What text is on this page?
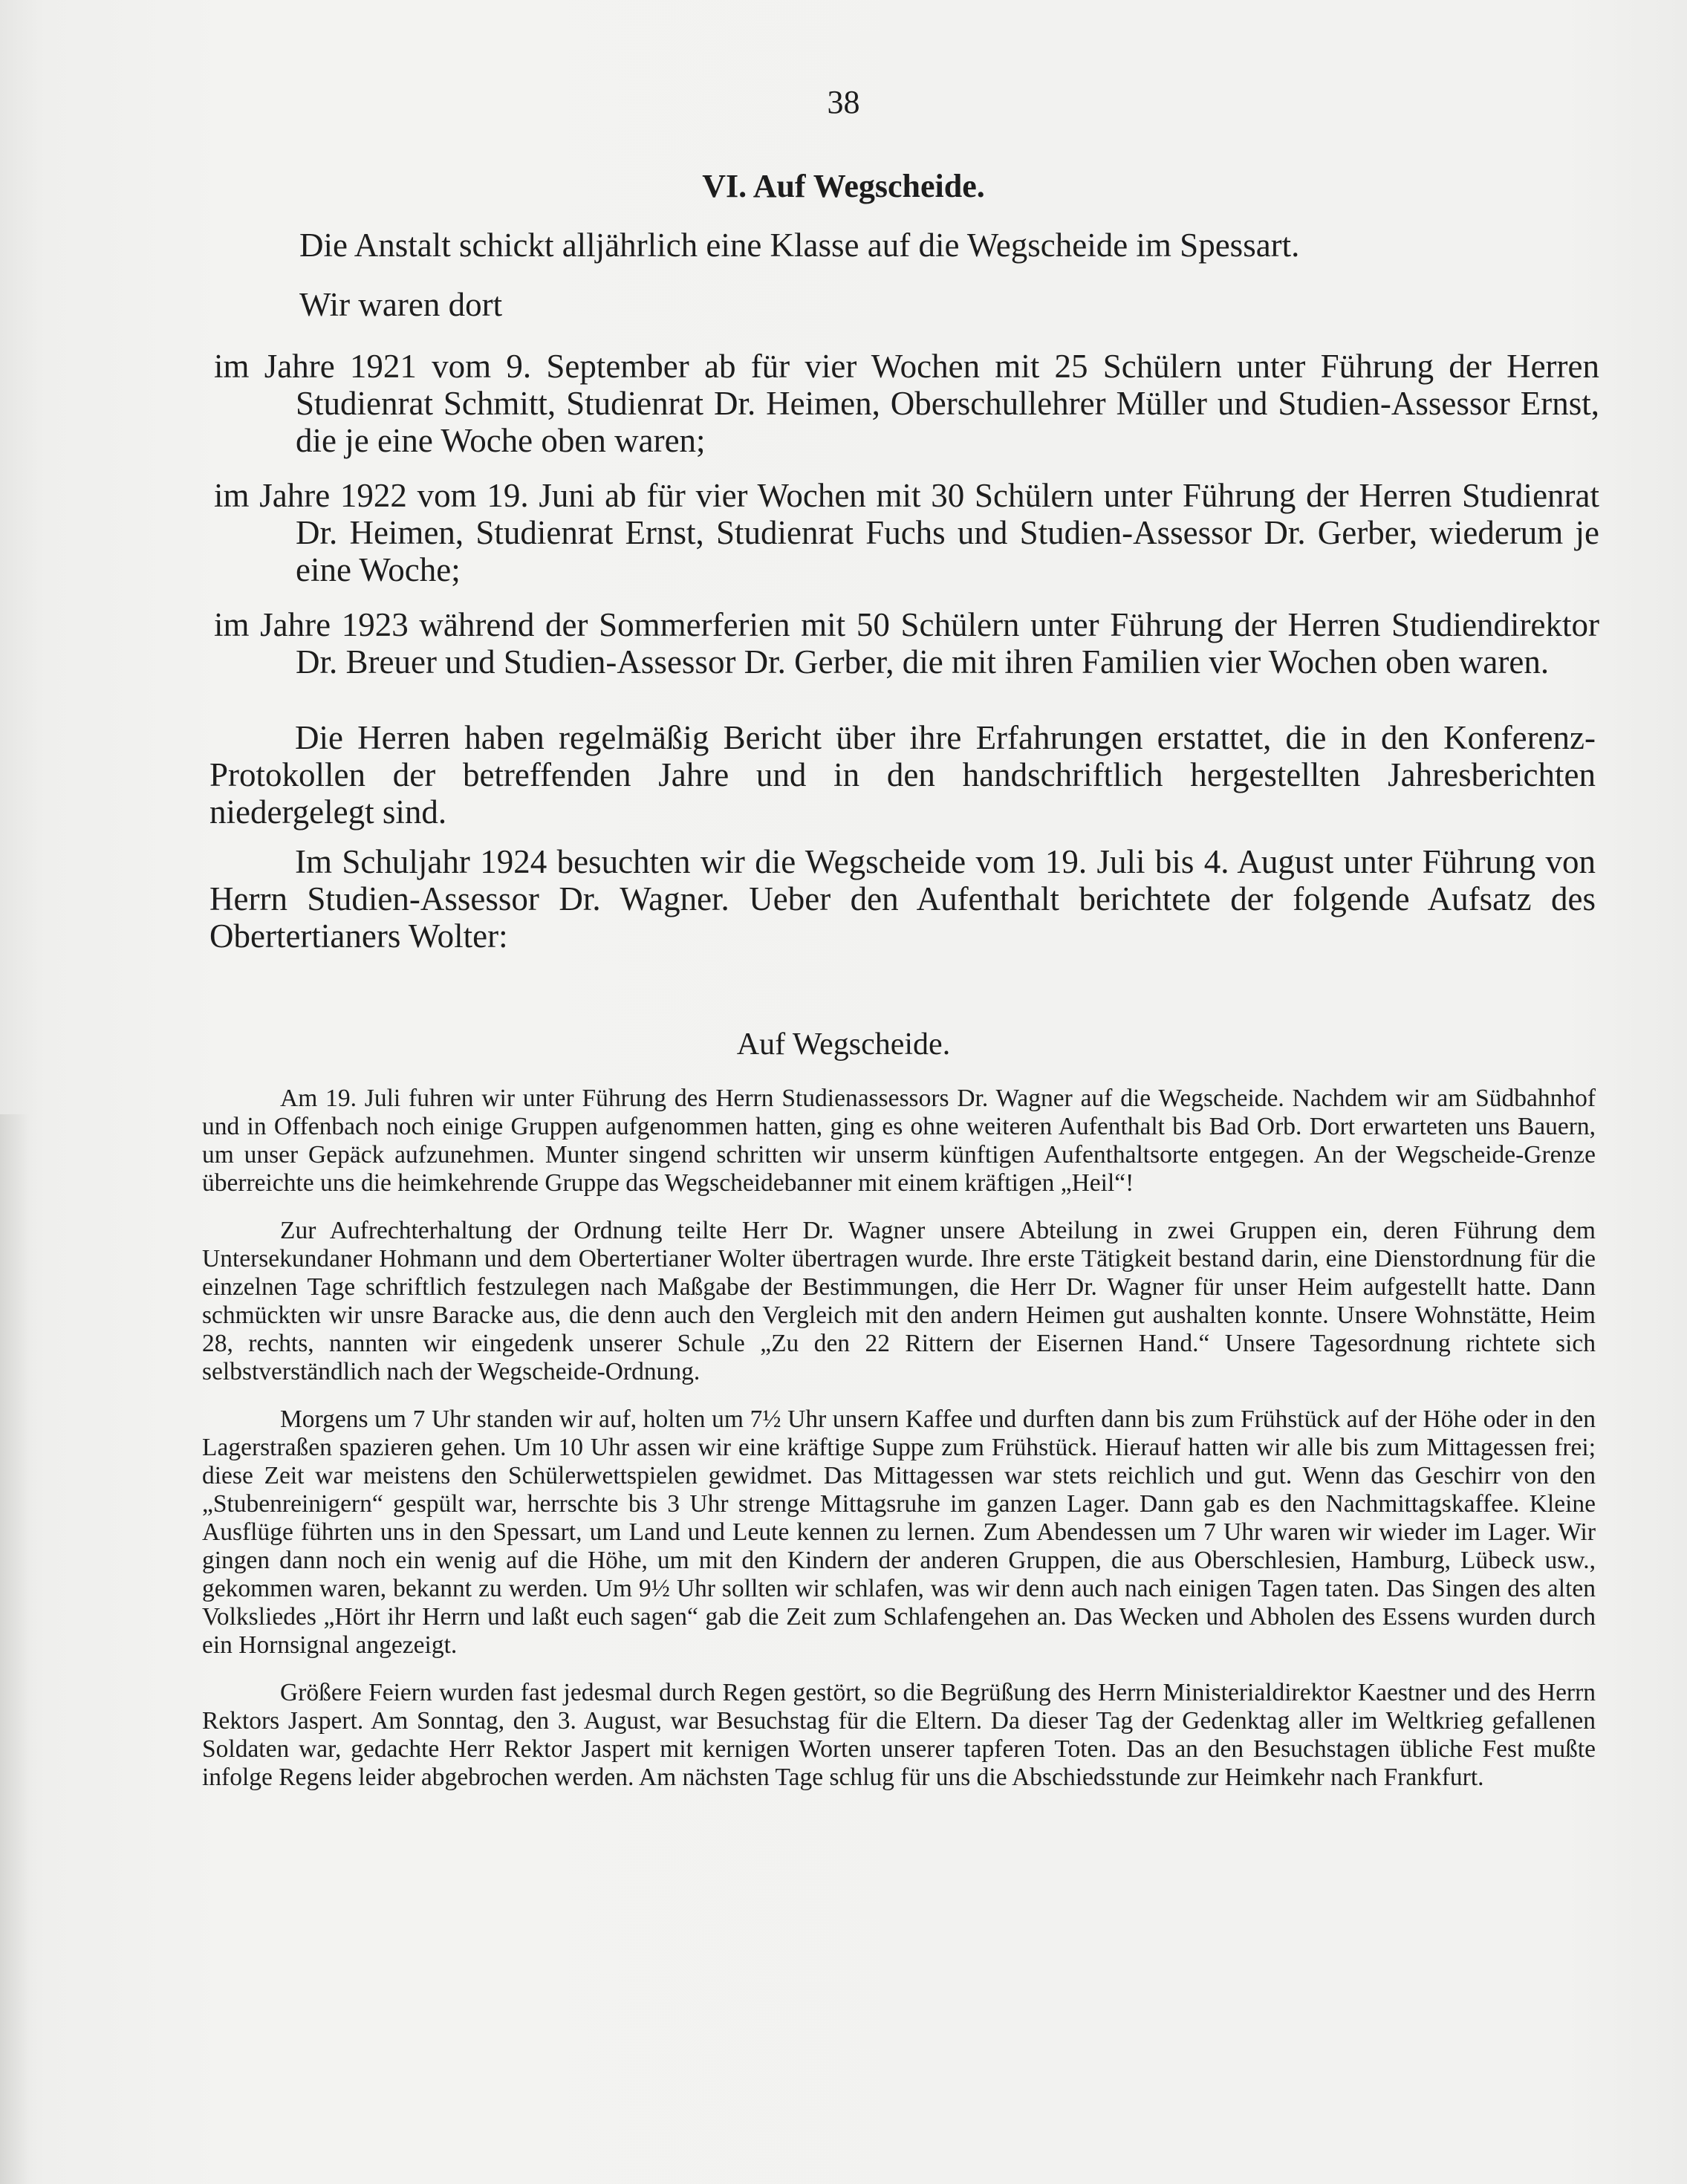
38
VI. Auf Wegscheide.
Die Anstalt schickt alljährlich eine Klasse auf die Wegscheide im Spessart.
Wir waren dort
im Jahre 1921 vom 9. September ab für vier Wochen mit 25 Schülern unter Führung der Herren Studienrat Schmitt, Studienrat Dr. Heimen, Oberschullehrer Müller und Studien-Assessor Ernst, die je eine Woche oben waren;
im Jahre 1922 vom 19. Juni ab für vier Wochen mit 30 Schülern unter Führung der Herren Studienrat Dr. Heimen, Studienrat Ernst, Studienrat Fuchs und Studien-Assessor Dr. Gerber, wiederum je eine Woche;
im Jahre 1923 während der Sommerferien mit 50 Schülern unter Führung der Herren Studiendirektor Dr. Breuer und Studien-Assessor Dr. Gerber, die mit ihren Familien vier Wochen oben waren.
Die Herren haben regelmäßig Bericht über ihre Erfahrungen erstattet, die in den Konferenz-Protokollen der betreffenden Jahre und in den handschriftlich hergestellten Jahresberichten niedergelegt sind.
Im Schuljahr 1924 besuchten wir die Wegscheide vom 19. Juli bis 4. August unter Führung von Herrn Studien-Assessor Dr. Wagner. Ueber den Aufenthalt berichtete der folgende Aufsatz des Obertertianers Wolter:
Auf Wegscheide.

Am 19. Juli fuhren wir unter Führung des Herrn Studienassessors Dr. Wagner auf die Wegscheide. Nachdem wir am Südbahnhof und in Offenbach noch einige Gruppen aufgenommen hatten, ging es ohne weiteren Aufenthalt bis Bad Orb. Dort erwarteten uns Bauern, um unser Gepäck aufzunehmen. Munter singend schritten wir unserm künftigen Aufenthaltsorte entgegen. An der Wegscheide-Grenze überreichte uns die heimkehrende Gruppe das Wegscheidebanner mit einem kräftigen „Heil“!

Zur Aufrechterhaltung der Ordnung teilte Herr Dr. Wagner unsere Abteilung in zwei Gruppen ein, deren Führung dem Untersekundaner Hohmann und dem Obertertianer Wolter übertragen wurde. Ihre erste Tätigkeit bestand darin, eine Dienstordnung für die einzelnen Tage schriftlich festzulegen nach Maßgabe der Bestimmungen, die Herr Dr. Wagner für unser Heim aufgestellt hatte. Dann schmückten wir unsre Baracke aus, die denn auch den Vergleich mit den andern Heimen gut aushalten konnte. Unsere Wohnstätte, Heim 28, rechts, nannten wir eingedenk unserer Schule „Zu den 22 Rittern der Eisernen Hand.“ Unsere Tagesordnung richtete sich selbstverständlich nach der Wegscheide-Ordnung.

Morgens um 7 Uhr standen wir auf, holten um 7½ Uhr unsern Kaffee und durften dann bis zum Frühstück auf der Höhe oder in den Lagerstraßen spazieren gehen. Um 10 Uhr assen wir eine kräftige Suppe zum Frühstück. Hierauf hatten wir alle bis zum Mittagessen frei; diese Zeit war meistens den Schülerwettspielen gewidmet. Das Mittagessen war stets reichlich und gut. Wenn das Geschirr von den „Stubenreinigern“ gespült war, herrschte bis 3 Uhr strenge Mittagsruhe im ganzen Lager. Dann gab es den Nachmittagskaffee. Kleine Ausflüge führten uns in den Spessart, um Land und Leute kennen zu lernen. Zum Abendessen um 7 Uhr waren wir wieder im Lager. Wir gingen dann noch ein wenig auf die Höhe, um mit den Kindern der anderen Gruppen, die aus Oberschlesien, Hamburg, Lübeck usw., gekommen waren, bekannt zu werden. Um 9½ Uhr sollten wir schlafen, was wir denn auch nach einigen Tagen taten. Das Singen des alten Volksliedes „Hört ihr Herrn und laßt euch sagen“ gab die Zeit zum Schlafengehen an. Das Wecken und Abholen des Essens wurden durch ein Hornsignal angezeigt.

Größere Feiern wurden fast jedesmal durch Regen gestört, so die Begrüßung des Herrn Ministerialdirektor Kaestner und des Herrn Rektors Jaspert. Am Sonntag, den 3. August, war Besuchstag für die Eltern. Da dieser Tag der Gedenktag aller im Weltkrieg gefallenen Soldaten war, gedachte Herr Rektor Jaspert mit kernigen Worten unserer tapferen Toten. Das an den Besuchstagen übliche Fest mußte infolge Regens leider abgebrochen werden. Am nächsten Tage schlug für uns die Abschiedsstunde zur Heimkehr nach Frankfurt.
